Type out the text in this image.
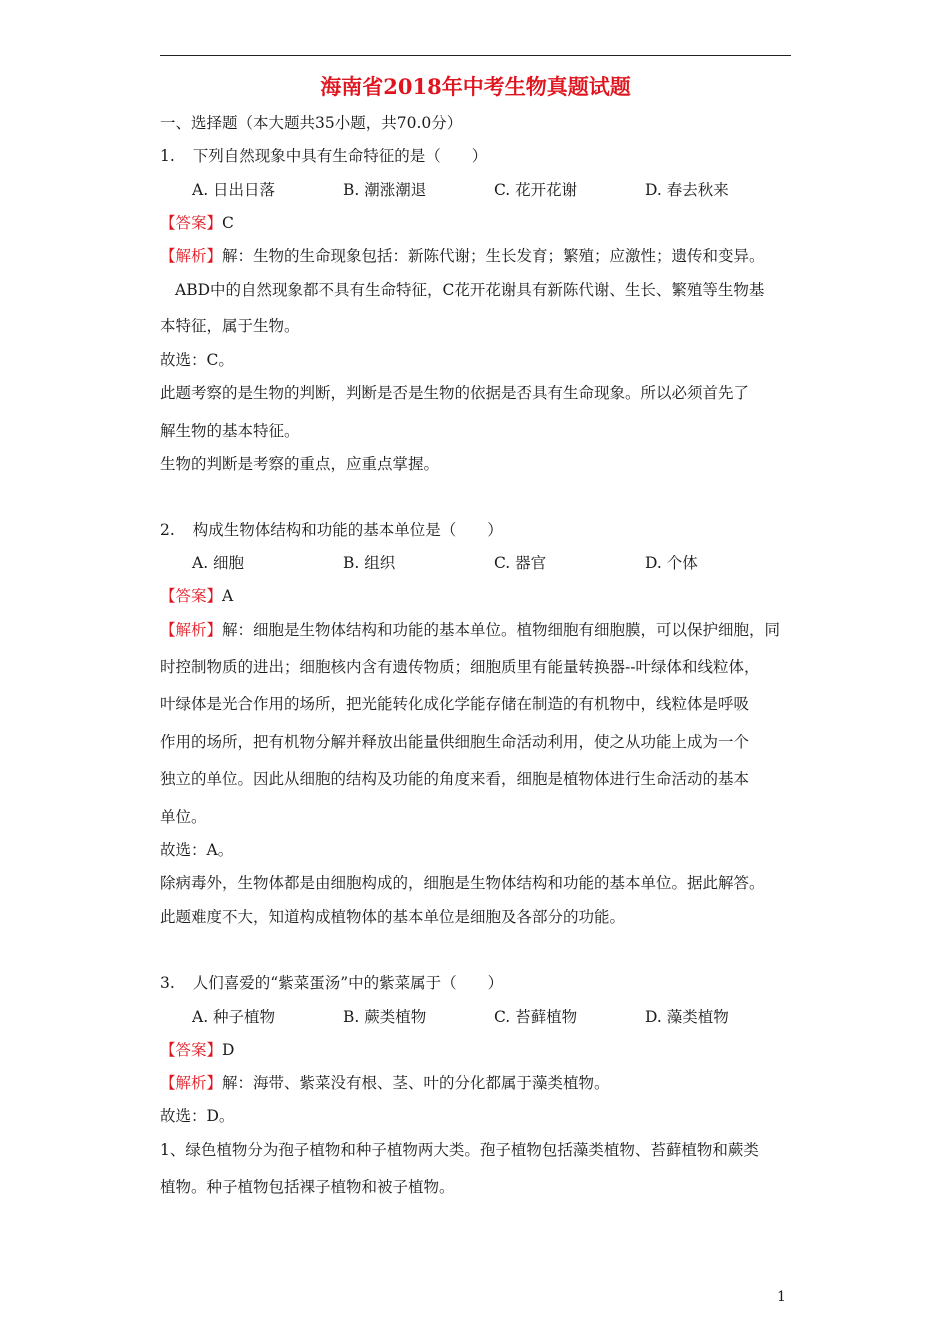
海南省2018年中考生物真题试题
一、选择题（本大题共35小题，共70.0分）
1. 下列自然现象中具有生命特征的是（　　）
A. 日出日落	B. 潮涨潮退	C. 花开花谢	D. 春去秋来
【答案】C
【解析】解：生物的生命现象包括：新陈代谢；生长发育；繁殖；应激性；遗传和变异。
ABD中的自然现象都不具有生命特征，C花开花谢具有新陈代谢、生长、繁殖等生物基
本特征，属于生物。
故选：C。
此题考察的是生物的判断，判断是否是生物的依据是否具有生命现象。所以必须首先了
解生物的基本特征。
生物的判断是考察的重点，应重点掌握。
2. 构成生物体结构和功能的基本单位是（　　）
A. 细胞	B. 组织	C. 器官	D. 个体
【答案】A
【解析】解：细胞是生物体结构和功能的基本单位。植物细胞有细胞膜，可以保护细胞，同
时控制物质的进出；细胞核内含有遗传物质；细胞质里有能量转换器--叶绿体和线粒体，
叶绿体是光合作用的场所，把光能转化成化学能存储在制造的有机物中，线粒体是呼吸
作用的场所，把有机物分解并释放出能量供细胞生命活动利用，使之从功能上成为一个
独立的单位。因此从细胞的结构及功能的角度来看，细胞是植物体进行生命活动的基本
单位。
故选：A。
除病毒外，生物体都是由细胞构成的，细胞是生物体结构和功能的基本单位。据此解答。
此题难度不大，知道构成植物体的基本单位是细胞及各部分的功能。
3. 人们喜爱的“紫菜蛋汤”中的紫菜属于（　　）
A. 种子植物	B. 蕨类植物	C. 苔藓植物	D. 藻类植物
【答案】D
【解析】解：海带、紫菜没有根、茎、叶的分化都属于藻类植物。
故选：D。
1、绿色植物分为孢子植物和种子植物两大类。孢子植物包括藻类植物、苔藓植物和蕨类
植物。种子植物包括裸子植物和被子植物。
1
